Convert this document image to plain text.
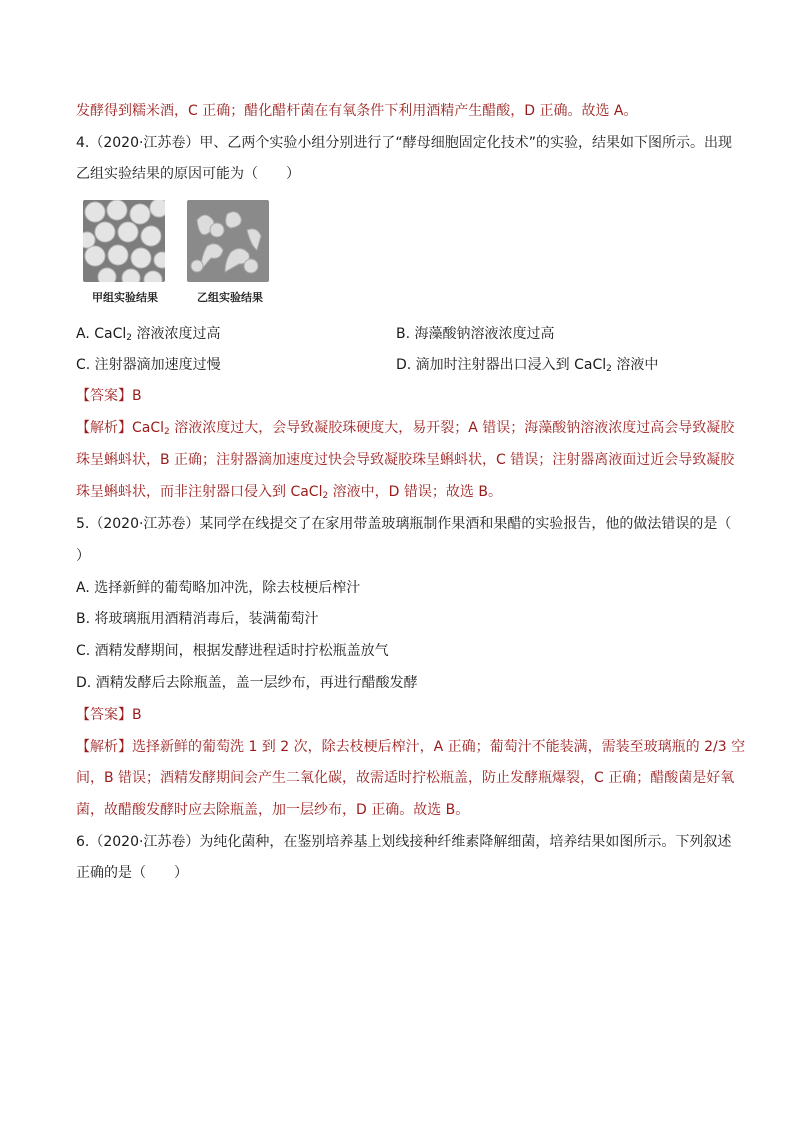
发酵得到糯米酒，C 正确；醋化醋杆菌在有氧条件下利用酒精产生醋酸，D 正确。故选 A。
4.（2020·江苏卷）甲、乙两个实验小组分别进行了“酵母细胞固定化技术”的实验，结果如下图所示。出现
乙组实验结果的原因可能为（　　）
甲组实验结果	乙组实验结果
A. CaCl$_2$ 溶液浓度过高	B. 海藻酸钠溶液浓度过高
C. 注射器滴加速度过慢	D. 滴加时注射器出口浸入到 CaCl$_2$ 溶液中
【答案】B
【解析】CaCl$_2$ 溶液浓度过大，会导致凝胶珠硬度大，易开裂；A 错误；海藻酸钠溶液浓度过高会导致凝胶
珠呈蝌蚪状，B 正确；注射器滴加速度过快会导致凝胶珠呈蝌蚪状，C 错误；注射器离液面过近会导致凝胶
珠呈蝌蚪状，而非注射器口侵入到 CaCl$_2$ 溶液中，D 错误；故选 B。
5.（2020·江苏卷）某同学在线提交了在家用带盖玻璃瓶制作果酒和果醋的实验报告，他的做法错误的是（
）
A. 选择新鲜的葡萄略加冲洗，除去枝梗后榨汁
B. 将玻璃瓶用酒精消毒后，装满葡萄汁
C. 酒精发酵期间，根据发酵进程适时拧松瓶盖放气
D. 酒精发酵后去除瓶盖，盖一层纱布，再进行醋酸发酵
【答案】B
【解析】选择新鲜的葡萄洗 1 到 2 次，除去枝梗后榨汁，A 正确；葡萄汁不能装满，需装至玻璃瓶的 2/3 空
间，B 错误；酒精发酵期间会产生二氧化碳，故需适时拧松瓶盖，防止发酵瓶爆裂，C 正确；醋酸菌是好氧
菌，故醋酸发酵时应去除瓶盖，加一层纱布，D 正确。故选 B。
6.（2020·江苏卷）为纯化菌种，在鉴别培养基上划线接种纤维素降解细菌，培养结果如图所示。下列叙述
正确的是（　　）
